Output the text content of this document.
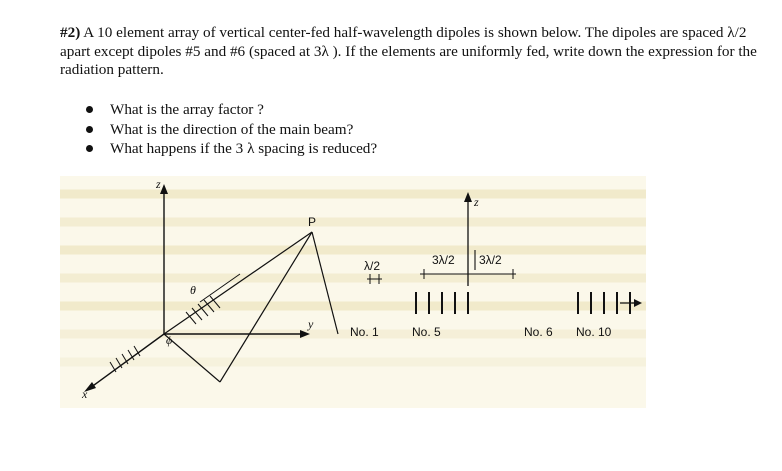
#2) A 10 element array of vertical center-fed half-wavelength dipoles is shown below. The dipoles are spaced λ/2 apart except dipoles #5 and #6 (spaced at 3λ ). If the elements are uniformly fed, write down the expression for the radiation pattern.

What is the array factor ?
What is the direction of the main beam?
What happens if the 3 λ spacing is reduced?
z
y
x
P
θ
ϕ
z
λ/2	3λ/2 3λ/2
No. 1	No. 5	No. 6 No. 10
